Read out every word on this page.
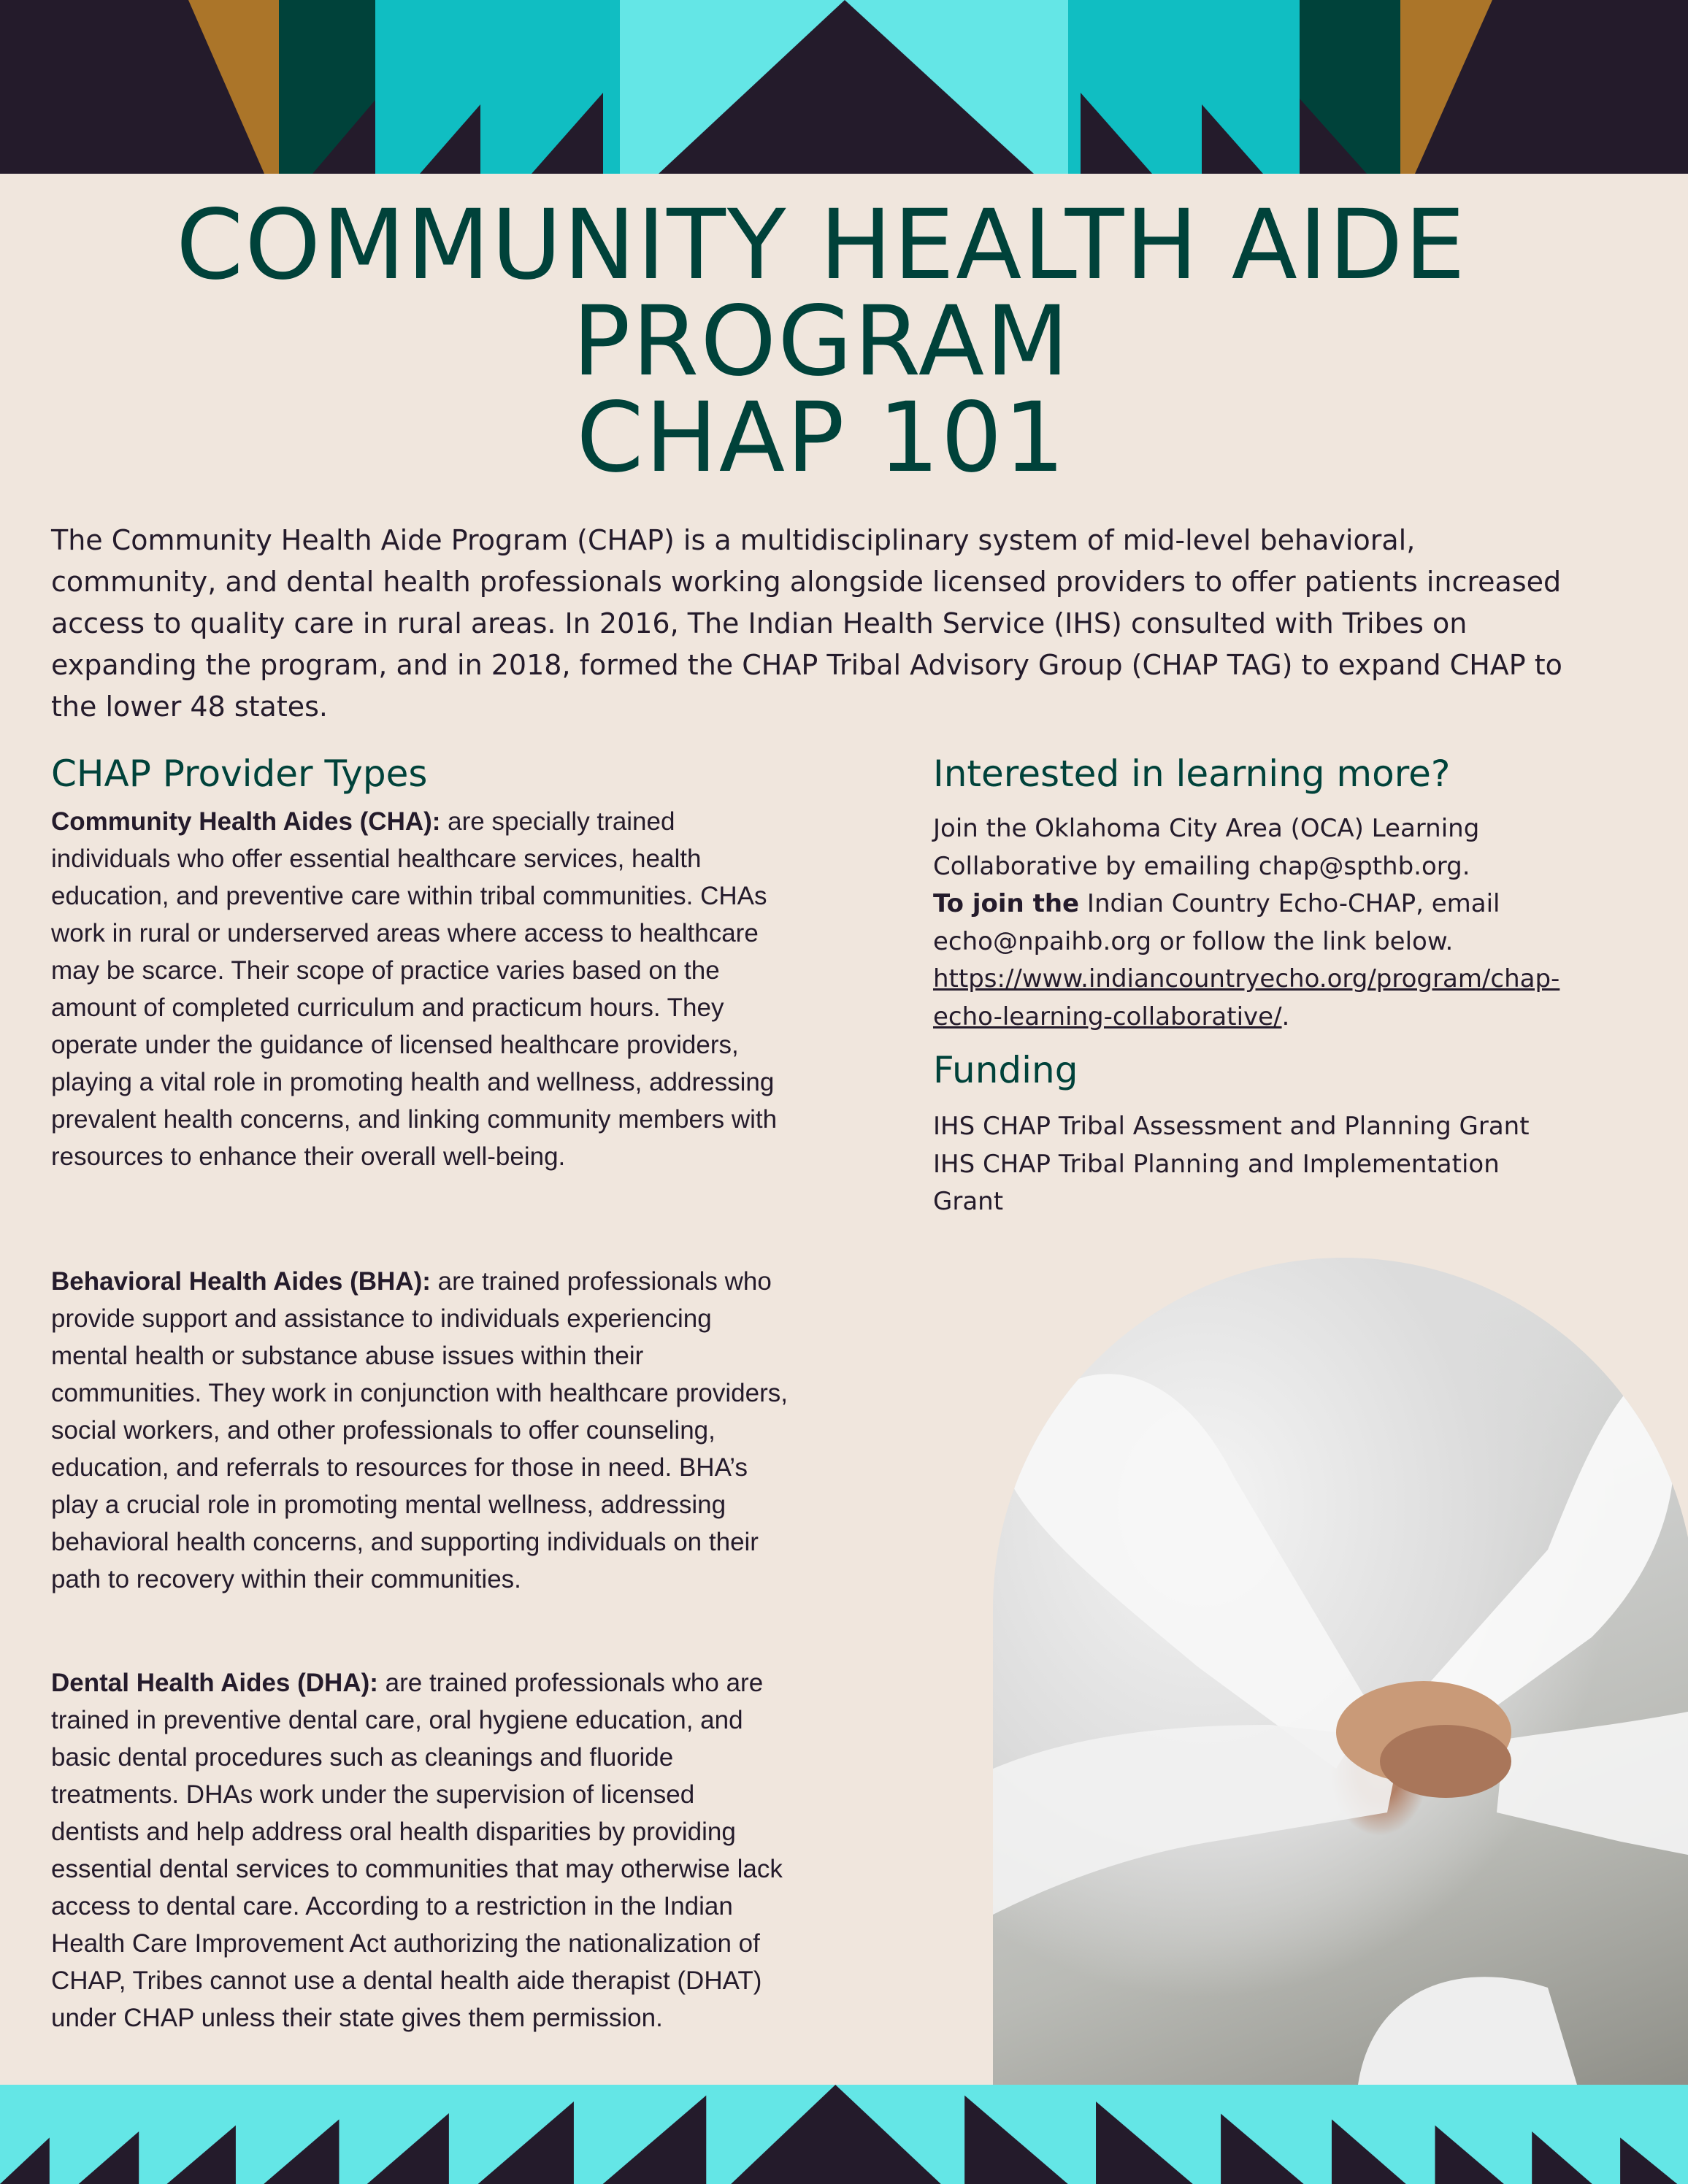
COMMUNITY HEALTH AIDE
PROGRAM
CHAP 101

The Community Health Aide Program (CHAP) is a multidisciplinary system of mid-level behavioral, community, and dental health professionals working alongside licensed providers to offer patients increased access to quality care in rural areas. In 2016, The Indian Health Service (IHS) consulted with Tribes on expanding the program, and in 2018, formed the CHAP Tribal Advisory Group (CHAP TAG) to expand CHAP to the lower 48 states.

CHAP Provider Types

Community Health Aides (CHA): are specially trained individuals who offer essential healthcare services, health education, and preventive care within tribal communities. CHAs work in rural or underserved areas where access to healthcare may be scarce. Their scope of practice varies based on the amount of completed curriculum and practicum hours. They operate under the guidance of licensed healthcare providers, playing a vital role in promoting health and wellness, addressing prevalent health concerns, and linking community members with resources to enhance their overall well-being.

Behavioral Health Aides (BHA): are trained professionals who provide support and assistance to individuals experiencing mental health or substance abuse issues within their communities. They work in conjunction with healthcare providers, social workers, and other professionals to offer counseling, education, and referrals to resources for those in need. BHA’s play a crucial role in promoting mental wellness, addressing behavioral health concerns, and supporting individuals on their path to recovery within their communities.

Dental Health Aides (DHA): are trained professionals who are trained in preventive dental care, oral hygiene education, and basic dental procedures such as cleanings and fluoride treatments. DHAs work under the supervision of licensed dentists and help address oral health disparities by providing essential dental services to communities that may otherwise lack access to dental care. According to a restriction in the Indian Health Care Improvement Act authorizing the nationalization of CHAP, Tribes cannot use a dental health aide therapist (DHAT) under CHAP unless their state gives them permission.

Interested in learning more?

Join the Oklahoma City Area (OCA) Learning Collaborative by emailing chap@spthb.org.

To join the Indian Country Echo-CHAP, email echo@npaihb.org or follow the link below.

https://www.indiancountryecho.org/program/chap-echo-learning-collaborative/.

Funding

IHS CHAP Tribal Assessment and Planning Grant

IHS CHAP Tribal Planning and Implementation Grant
